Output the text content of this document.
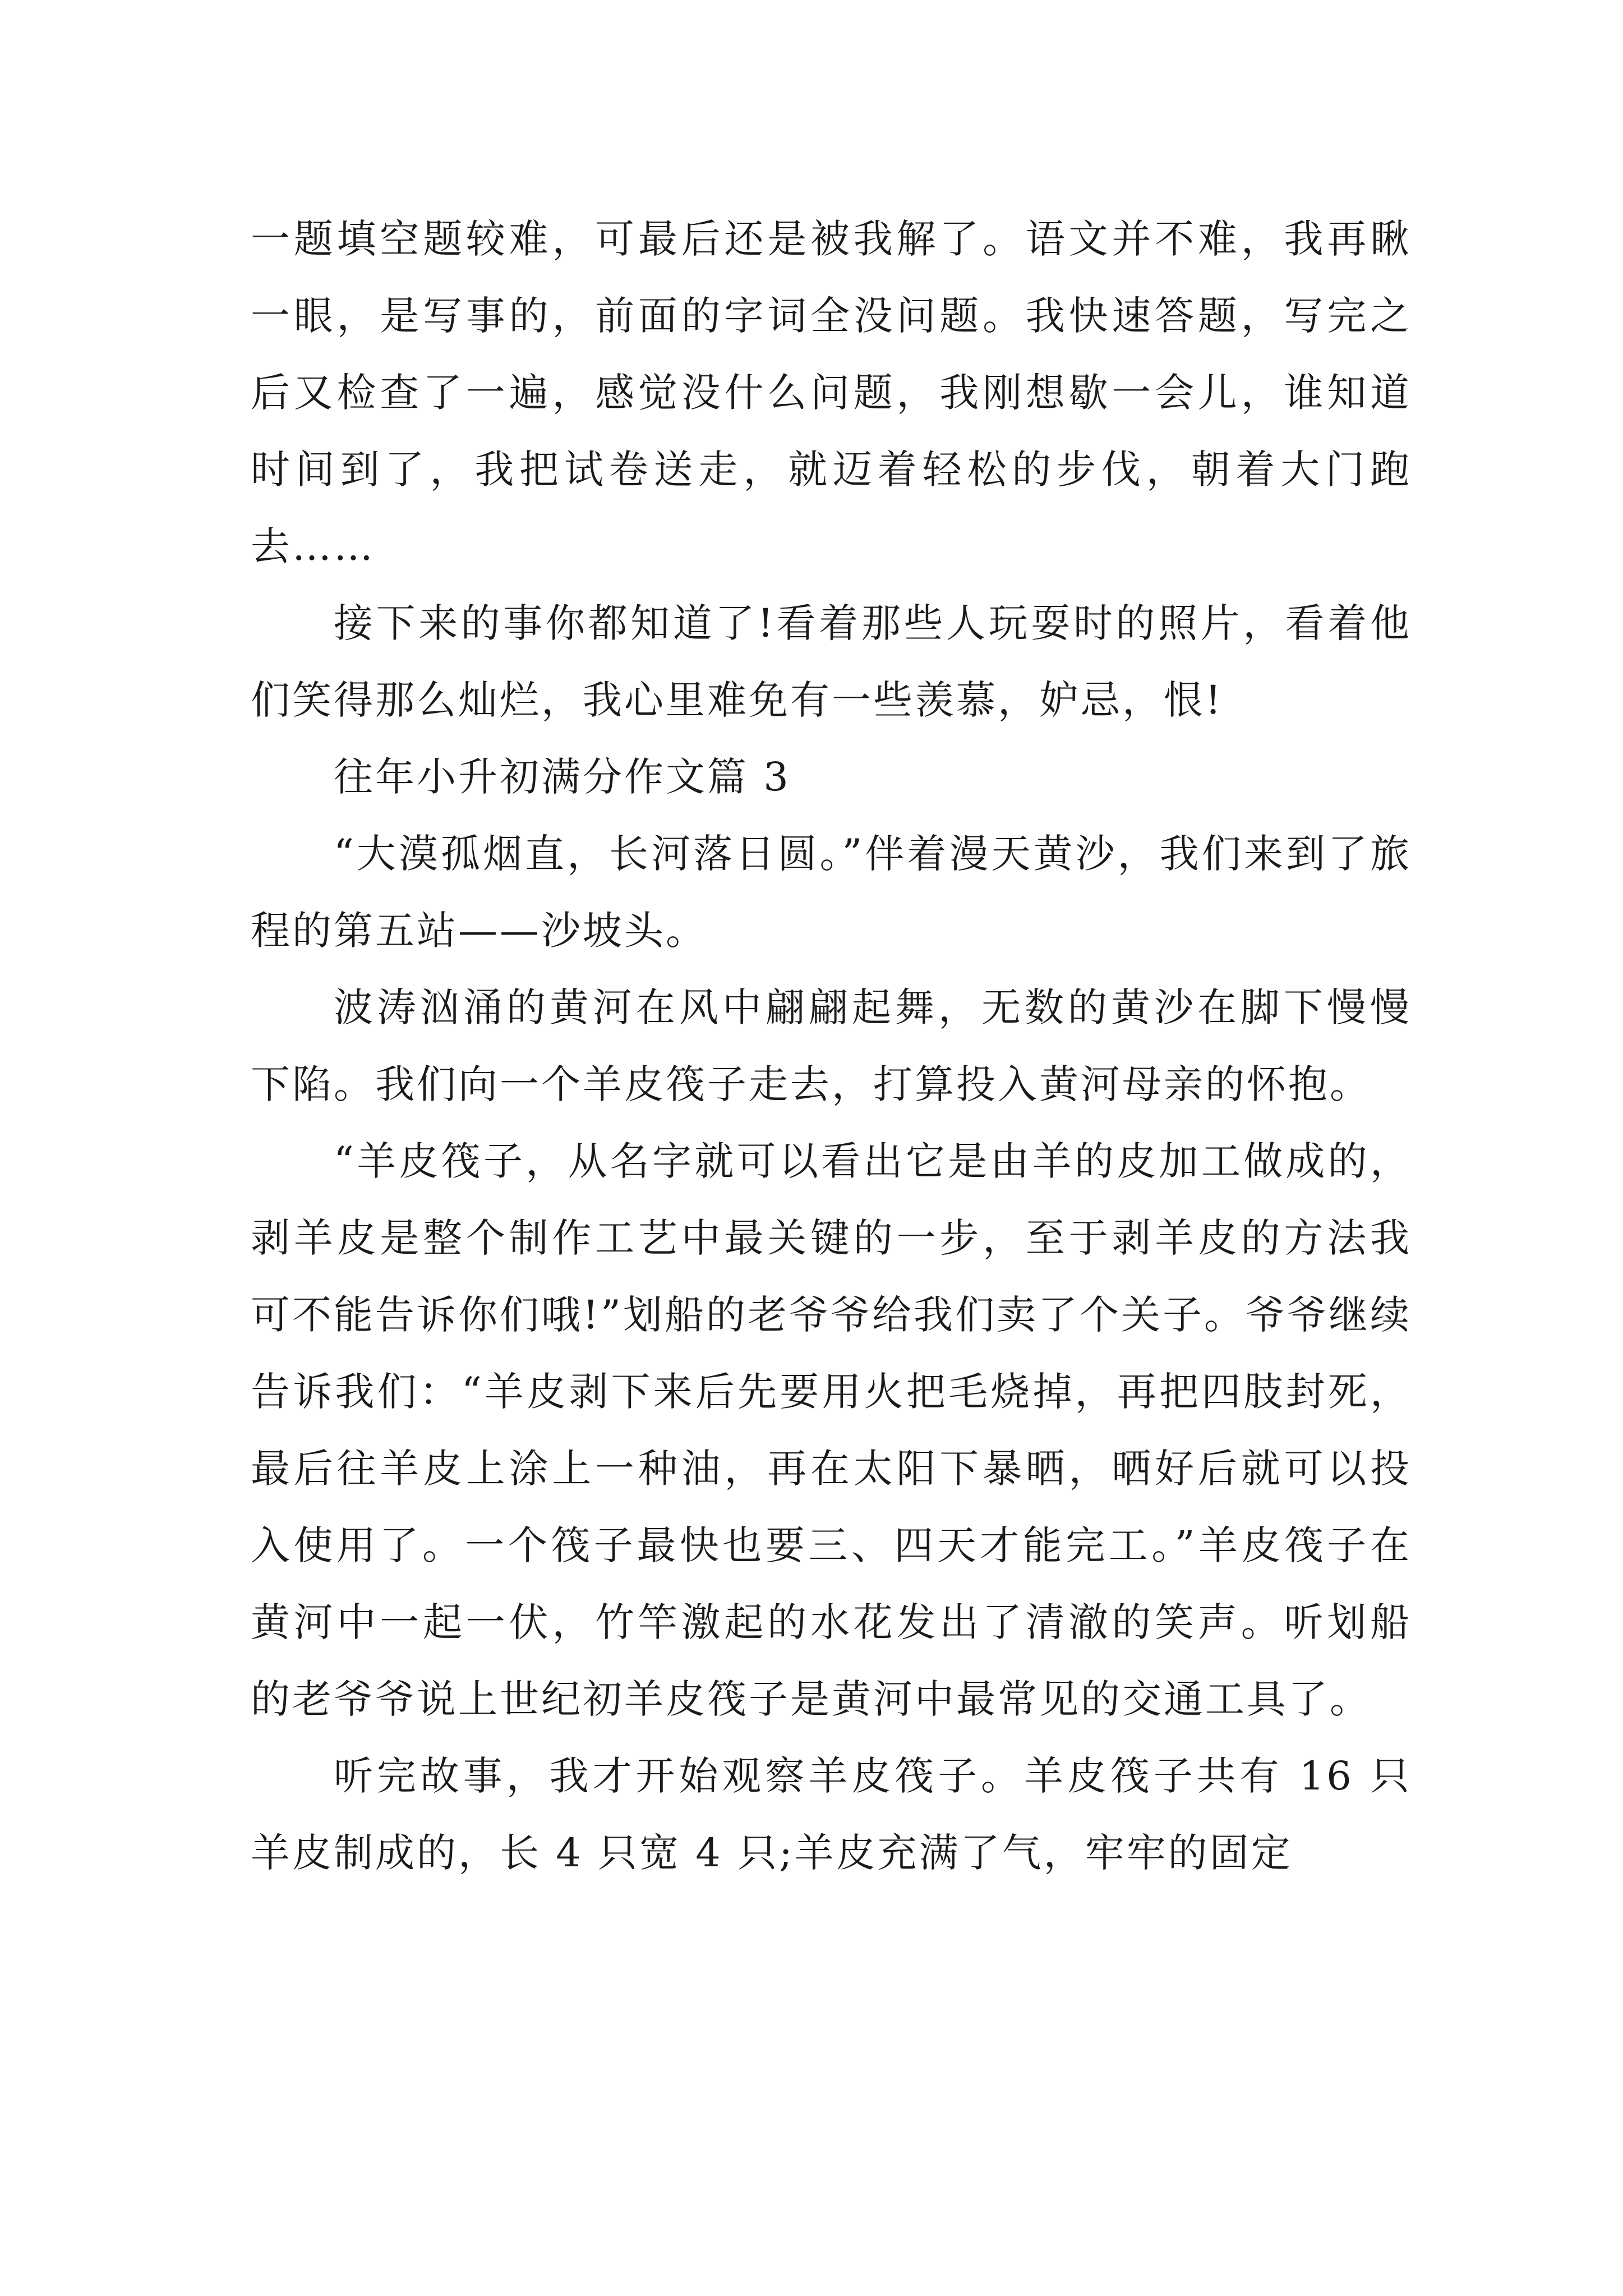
一题填空题较难，可最后还是被我解了。语文并不难，我再瞅一眼，是写事的，前面的字词全没问题。我快速答题，写完之后又检查了一遍，感觉没什么问题，我刚想歇一会儿，谁知道时间到了，我把试卷送走，就迈着轻松的步伐，朝着大门跑去……

接下来的事你都知道了!看着那些人玩耍时的照片，看着他们笑得那么灿烂，我心里难免有一些羡慕，妒忌，恨!

往年小升初满分作文篇 3

“大漠孤烟直，长河落日圆。”伴着漫天黄沙，我们来到了旅程的第五站——沙坡头。

波涛汹涌的黄河在风中翩翩起舞，无数的黄沙在脚下慢慢下陷。我们向一个羊皮筏子走去，打算投入黄河母亲的怀抱。

“羊皮筏子，从名字就可以看出它是由羊的皮加工做成的，剥羊皮是整个制作工艺中最关键的一步，至于剥羊皮的方法我可不能告诉你们哦!”划船的老爷爷给我们卖了个关子。爷爷继续告诉我们：“羊皮剥下来后先要用火把毛烧掉，再把四肢封死，最后往羊皮上涂上一种油，再在太阳下暴晒，晒好后就可以投入使用了。一个筏子最快也要三、四天才能完工。”羊皮筏子在黄河中一起一伏，竹竿激起的水花发出了清澈的笑声。听划船的老爷爷说上世纪初羊皮筏子是黄河中最常见的交通工具了。

听完故事，我才开始观察羊皮筏子。羊皮筏子共有 16 只羊皮制成的，长 4 只宽 4 只;羊皮充满了气，牢牢的固定
